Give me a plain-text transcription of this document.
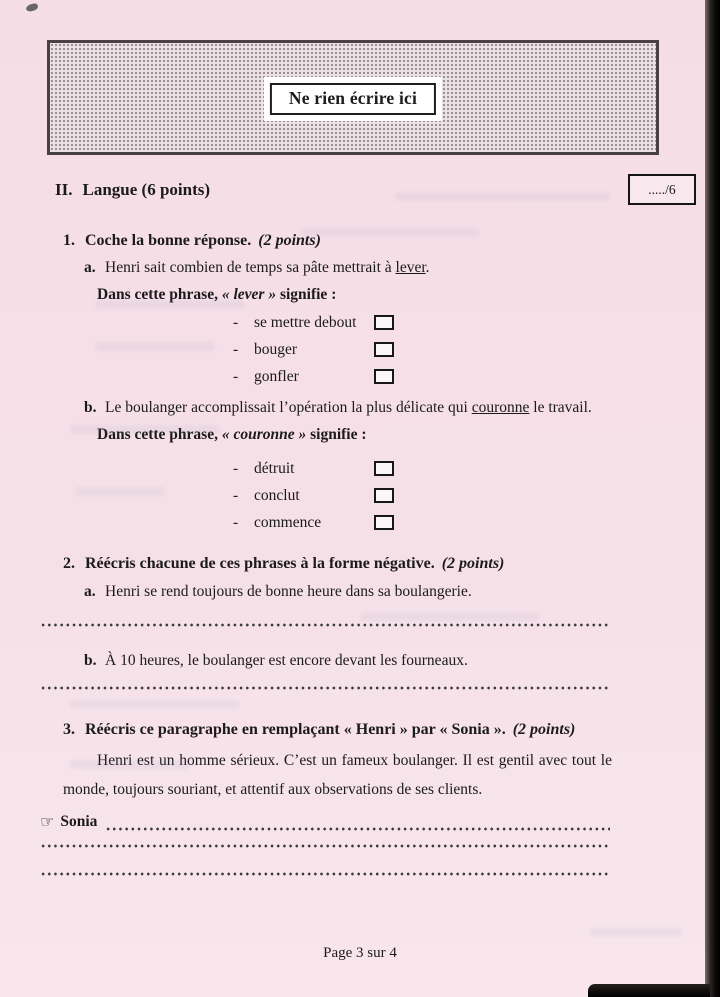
Ne rien écrire ici
II. Langue (6 points)	...../6
1. Coche la bonne réponse. (2 points)
a. Henri sait combien de temps sa pâte mettrait à lever.
Dans cette phrase, « lever » signifie :
- se mettre debout
- bouger
- gonfler
b. Le boulanger accomplissait l’opération la plus délicate qui couronne le travail.
Dans cette phrase, « couronne » signifie :
- détruit
- conclut
- commence
2. Réécris chacune de ces phrases à la forme négative. (2 points)
a. Henri se rend toujours de bonne heure dans sa boulangerie.
b. À 10 heures, le boulanger est encore devant les fourneaux.
3. Réécris ce paragraphe en remplaçant « Henri » par « Sonia ». (2 points)
Henri est un homme sérieux. C’est un fameux boulanger. Il est gentil avec tout le monde, toujours souriant, et attentif aux observations de ses clients.
☞ Sonia
Page 3 sur 4
